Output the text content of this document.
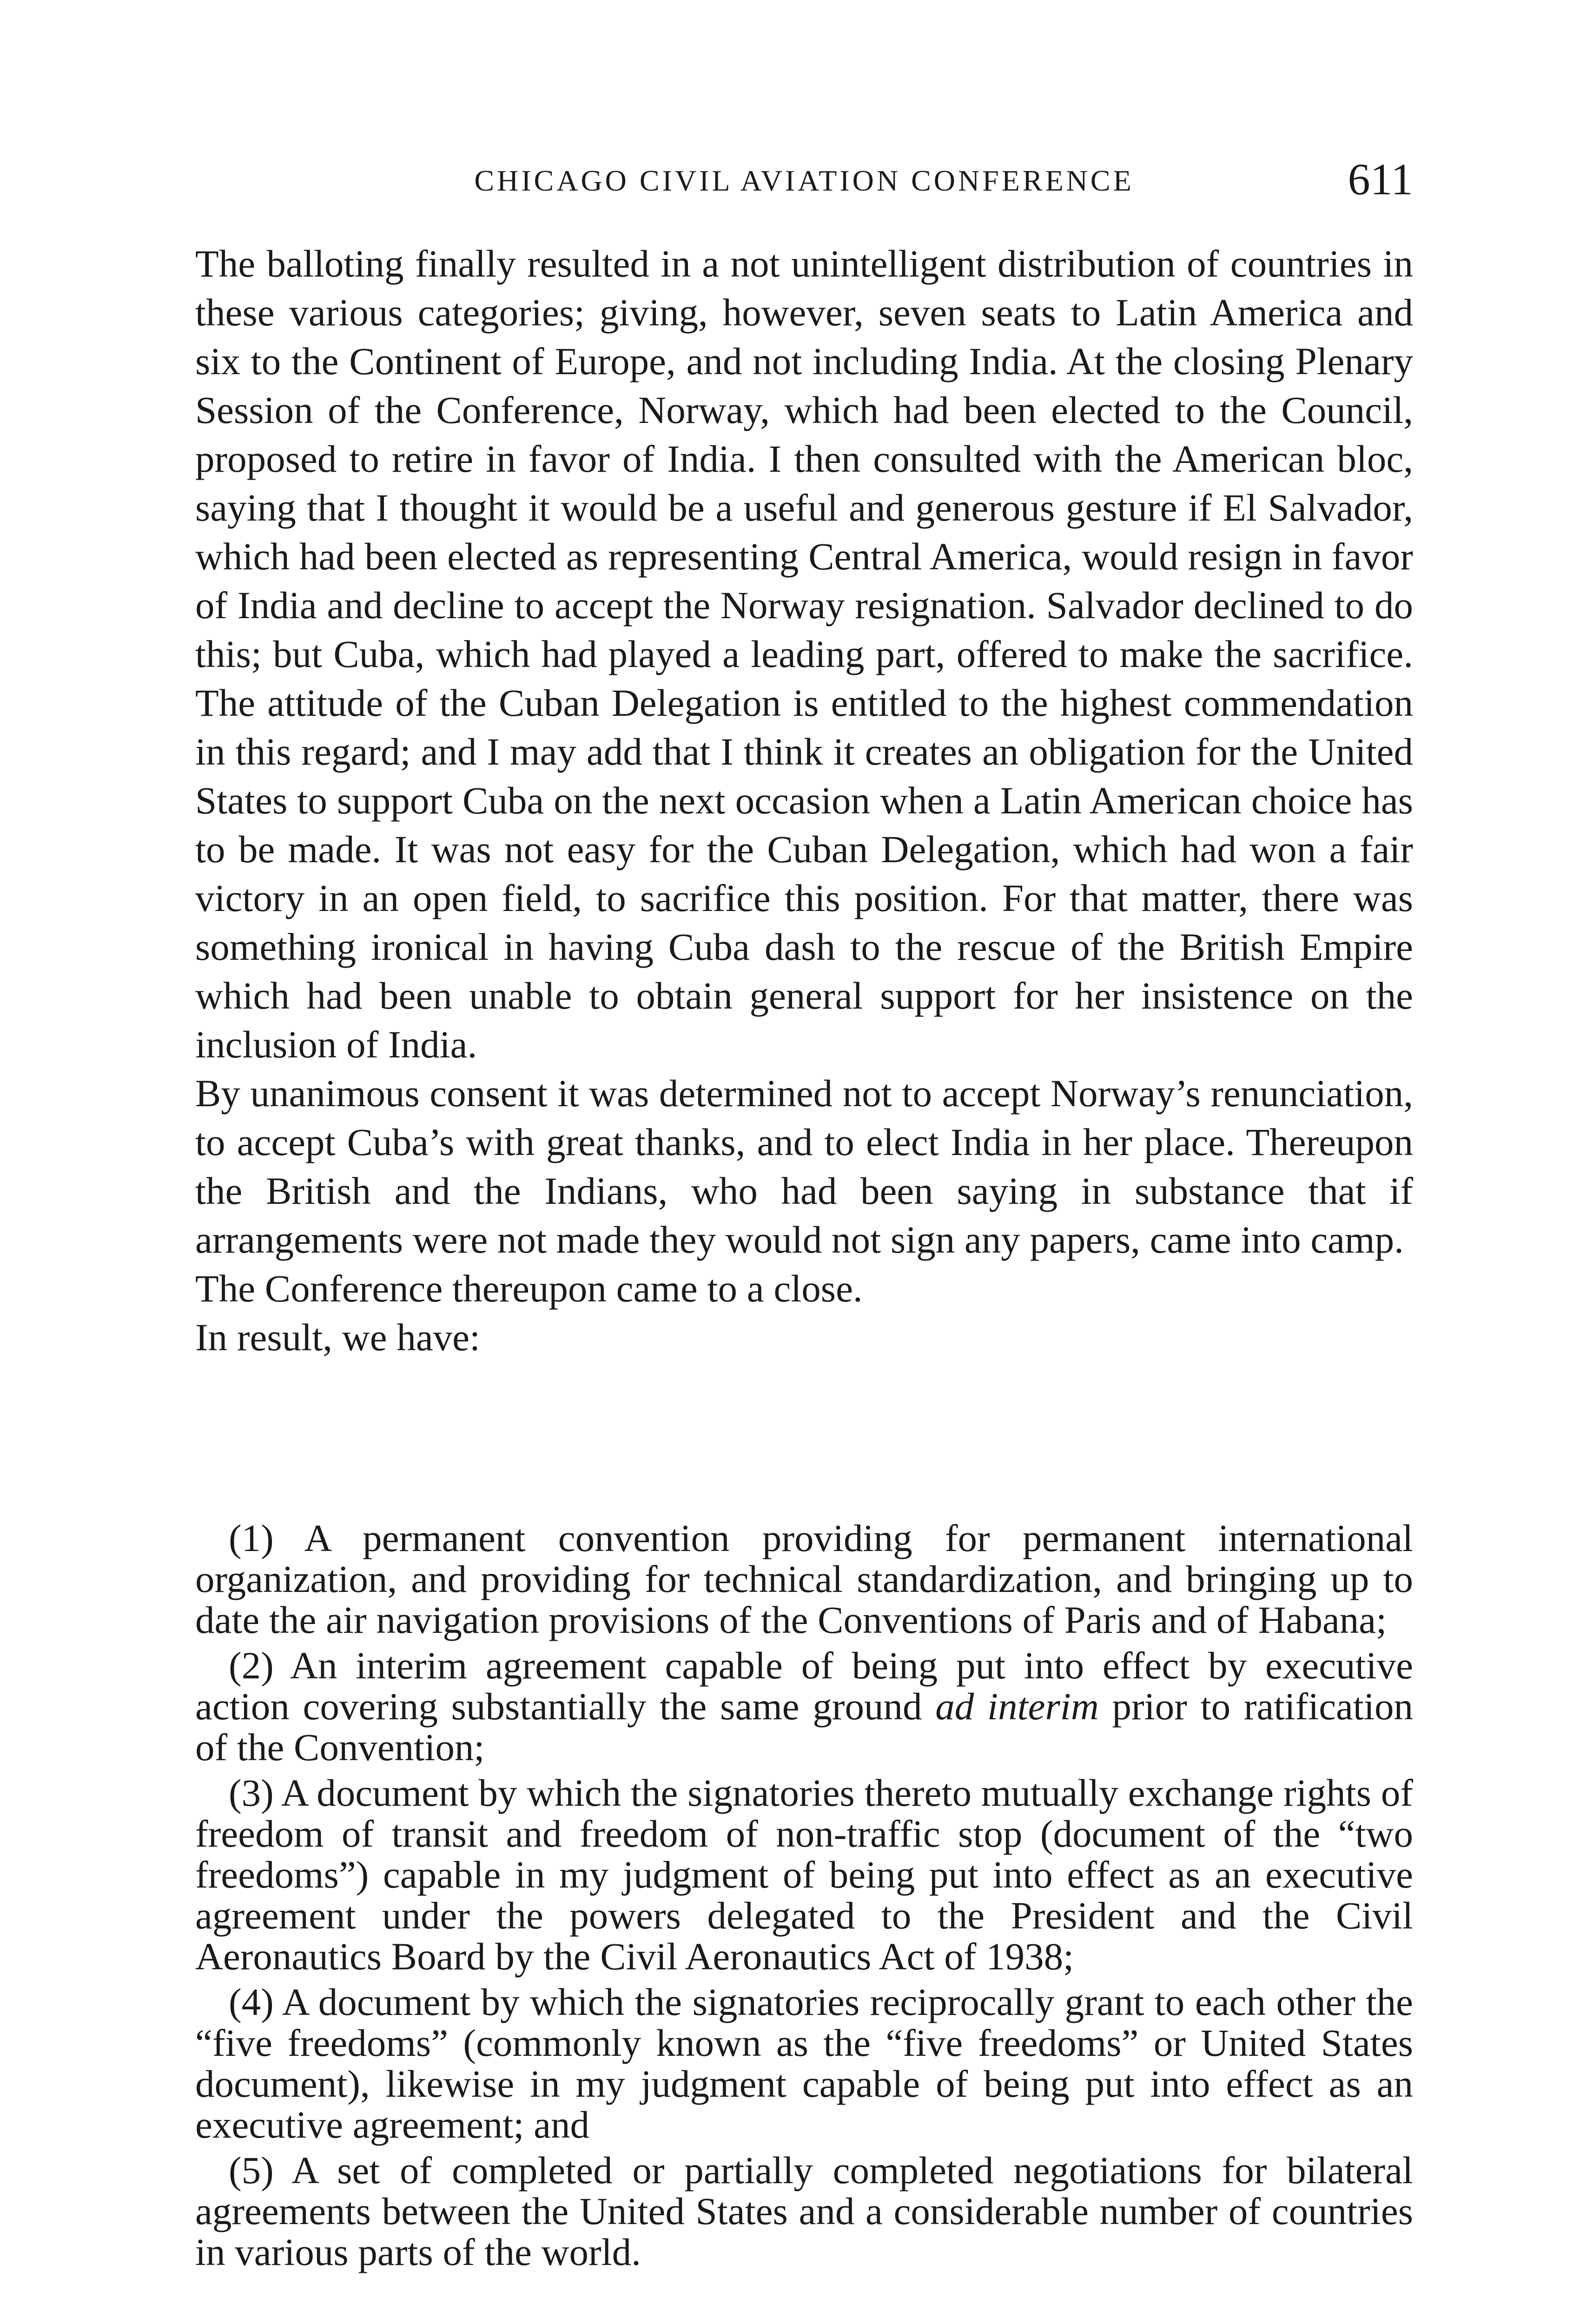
CHICAGO CIVIL AVIATION CONFERENCE	611

The balloting finally resulted in a not unintelligent distribution of countries in these various categories; giving, however, seven seats to Latin America and six to the Continent of Europe, and not including India. At the closing Plenary Session of the Conference, Norway, which had been elected to the Council, proposed to retire in favor of India. I then consulted with the American bloc, saying that I thought it would be a useful and generous gesture if El Salvador, which had been elected as representing Central America, would resign in favor of India and decline to accept the Norway resignation. Salvador declined to do this; but Cuba, which had played a leading part, offered to make the sacrifice. The attitude of the Cuban Delegation is entitled to the highest commendation in this regard; and I may add that I think it creates an obligation for the United States to support Cuba on the next occasion when a Latin American choice has to be made. It was not easy for the Cuban Delegation, which had won a fair victory in an open field, to sacrifice this position. For that matter, there was something ironical in having Cuba dash to the rescue of the British Empire which had been unable to obtain general support for her insistence on the inclusion of India.

By unanimous consent it was determined not to accept Norway’s renunciation, to accept Cuba’s with great thanks, and to elect India in her place. Thereupon the British and the Indians, who had been saying in substance that if arrangements were not made they would not sign any papers, came into camp.

The Conference thereupon came to a close.

In result, we have:

(1) A permanent convention providing for permanent international organization, and providing for technical standardization, and bringing up to date the air navigation provisions of the Conventions of Paris and of Habana;

(2) An interim agreement capable of being put into effect by executive action covering substantially the same ground ad interim prior to ratification of the Convention;

(3) A document by which the signatories thereto mutually exchange rights of freedom of transit and freedom of non-traffic stop (document of the “two freedoms”) capable in my judgment of being put into effect as an executive agreement under the powers delegated to the President and the Civil Aeronautics Board by the Civil Aeronautics Act of 1938;

(4) A document by which the signatories reciprocally grant to each other the “five freedoms” (commonly known as the “five freedoms” or United States document), likewise in my judgment capable of being put into effect as an executive agreement; and

(5) A set of completed or partially completed negotiations for bilateral agreements between the United States and a considerable number of countries in various parts of the world.
